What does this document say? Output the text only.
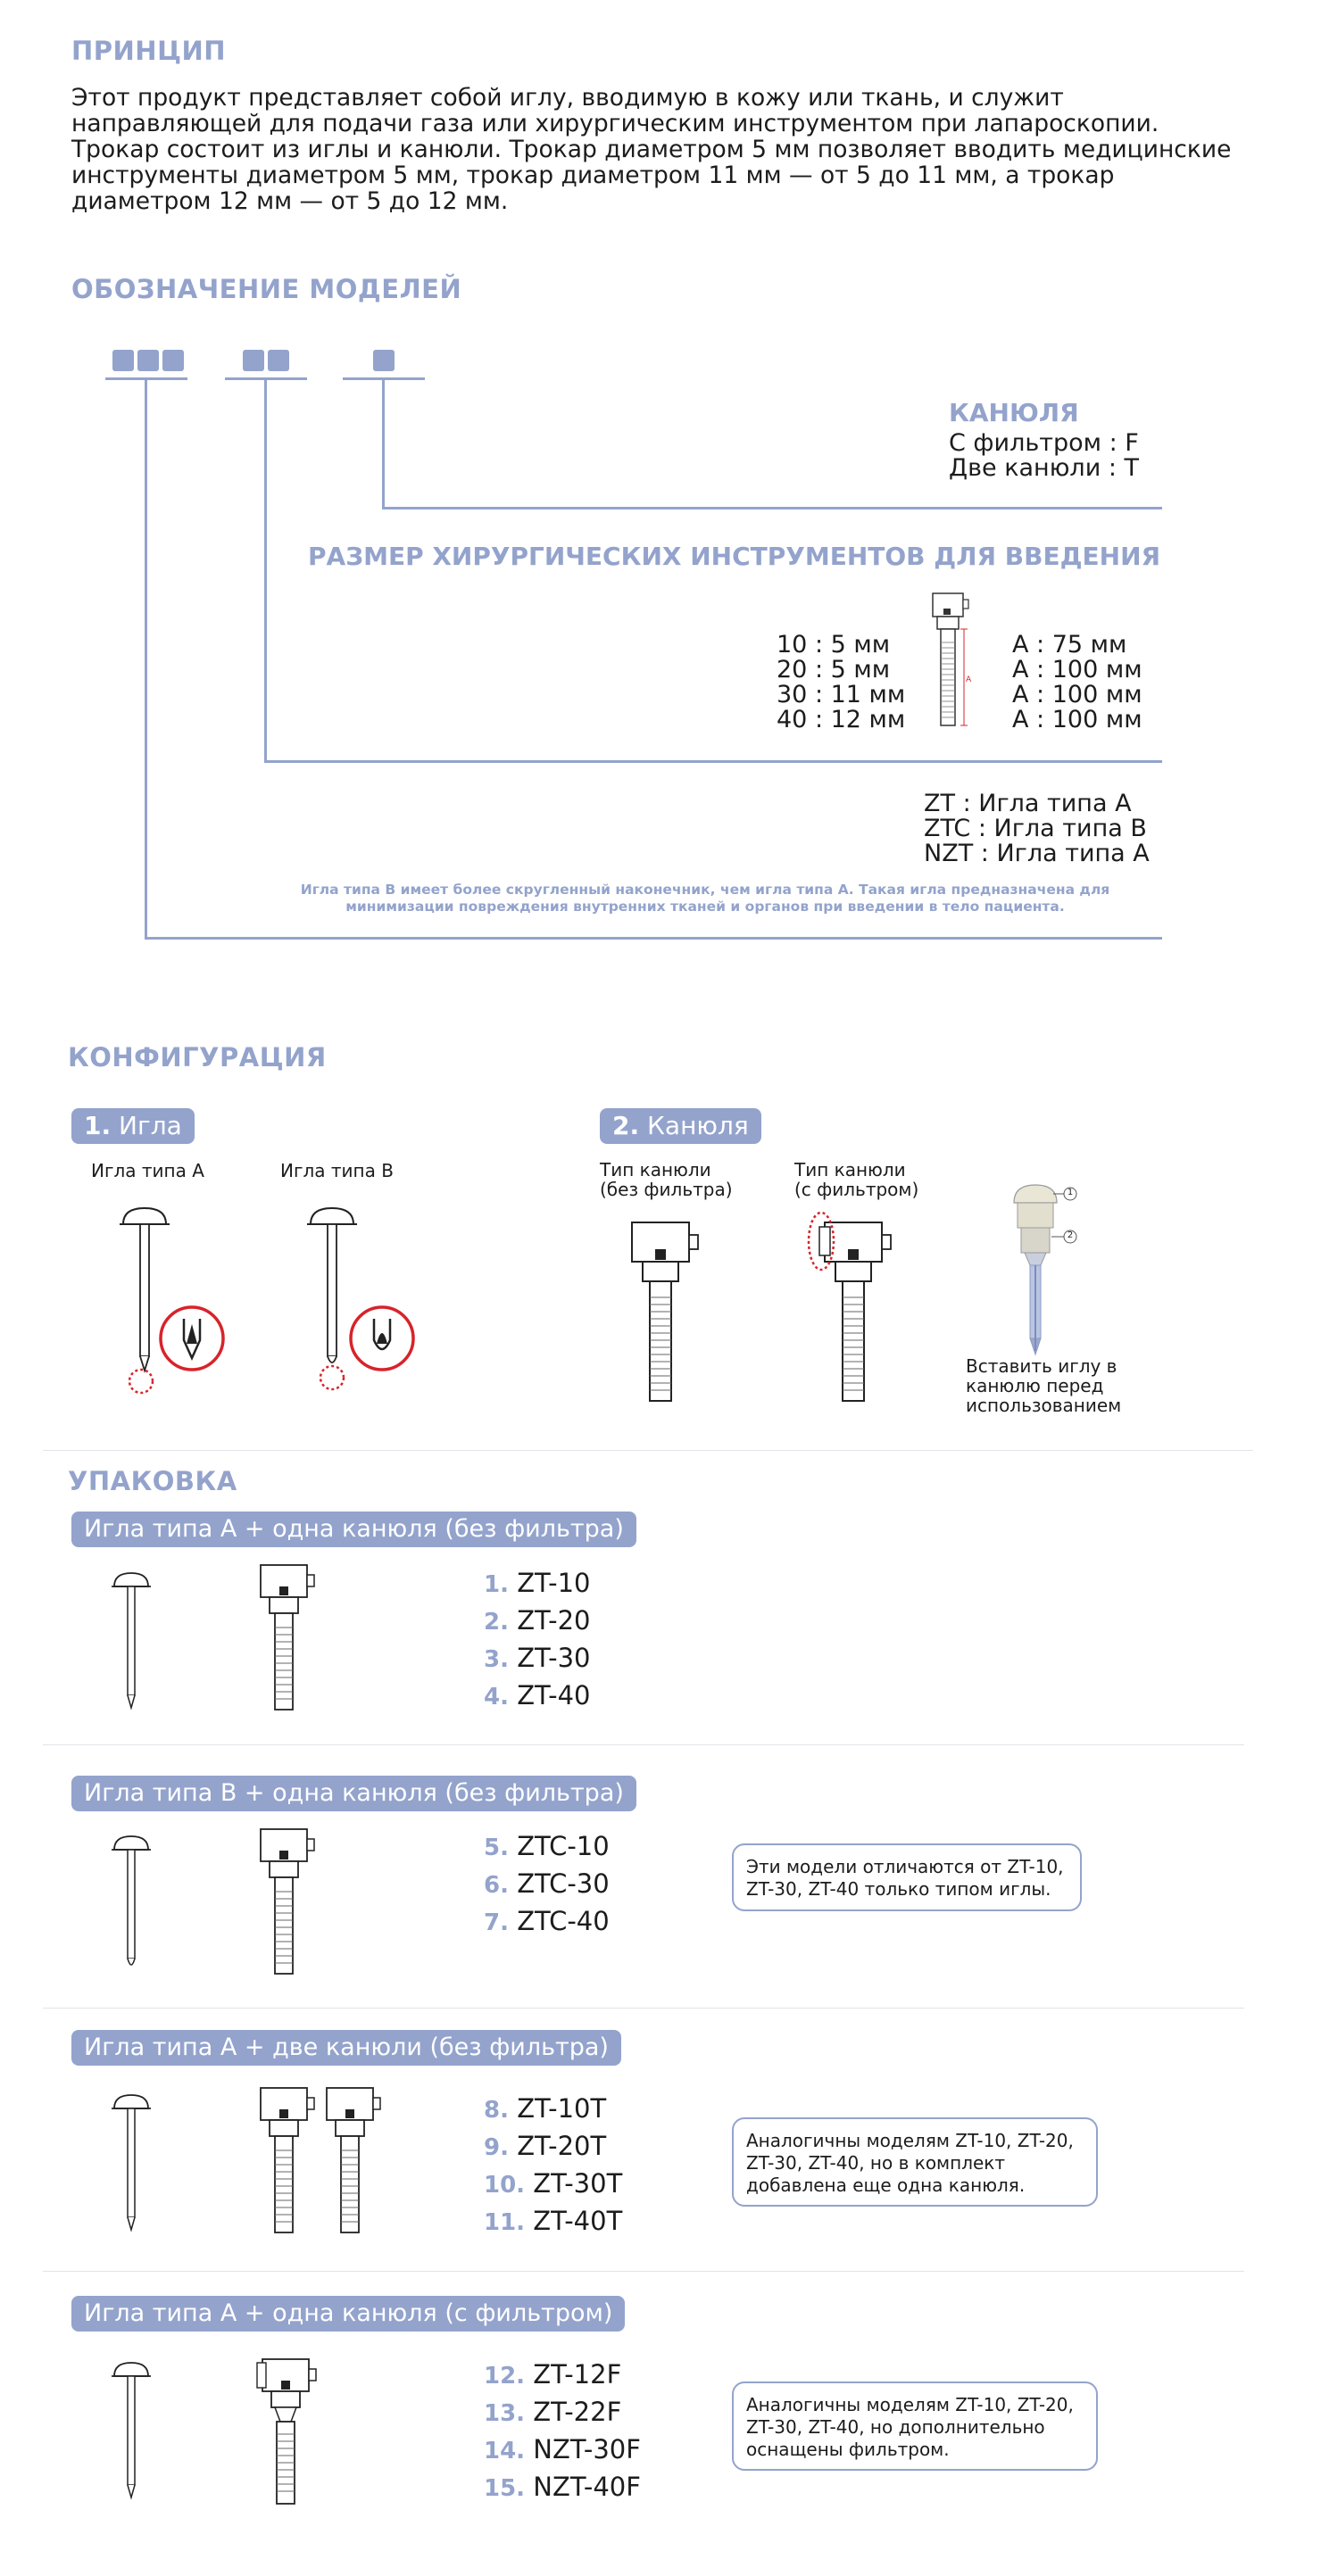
ПРИНЦИП

Этот продукт представляет собой иглу, вводимую в кожу или ткань, и служит направляющей для подачи газа или хирургическим инструментом при лапароскопии. Трокар состоит из иглы и канюли. Трокар диаметром 5 мм позволяет вводить медицинские инструменты диаметром 5 мм, трокар диаметром 11 мм — от 5 до 11 мм, а трокар диаметром 12 мм — от 5 до 12 мм.

ОБОЗНАЧЕНИЕ МОДЕЛЕЙ
КАНЮЛЯ

С фильтром : F

Две канюли : T

РАЗМЕР ХИРУРГИЧЕСКИХ ИНСТРУМЕНТОВ ДЛЯ ВВЕДЕНИЯ

10 : 5 мм

20 : 5 мм

30 : 11 мм

40 : 12 мм

А : 75 мм

А : 100 мм

А : 100 мм

А : 100 мм

A

ZT : Игла типа А

ZTC : Игла типа В

NZT : Игла типа А

Игла типа В имеет более скругленный наконечник, чем игла типа А. Такая игла предназначена для минимизации повреждения внутренних тканей и органов при введении в тело пациента.

КОНФИГУРАЦИЯ
1. Игла

Игла типа А	Игла типа В

2. Канюля

Тип канюли
(без фильтра)

Тип канюли
(с фильтром)	1
2

Вставить иглу в
канюлю перед
использованием

УПАКОВКА
Игла типа А + одна канюля (без фильтра)
1. ZT-10
2. ZT-20
3. ZT-30
4. ZT-40
Игла типа В + одна канюля (без фильтра)
5. ZTC-10
6. ZTC-30
7. ZTC-40
Эти модели отличаются от ZT-10, ZT-30, ZT-40 только типом иглы.
Игла типа А + две канюли (без фильтра)
8. ZT-10T
9. ZT-20T
10. ZT-30T
11. ZT-40T
Аналогичны моделям ZT-10, ZT-20, ZT-30, ZT-40, но в комплект добавлена еще одна канюля.
Игла типа А + одна канюля (с фильтром)
12. ZT-12F
13. ZT-22F
14. NZT-30F
15. NZT-40F
Аналогичны моделям ZT-10, ZT-20, ZT-30, ZT-40, но дополнительно оснащены фильтром.
